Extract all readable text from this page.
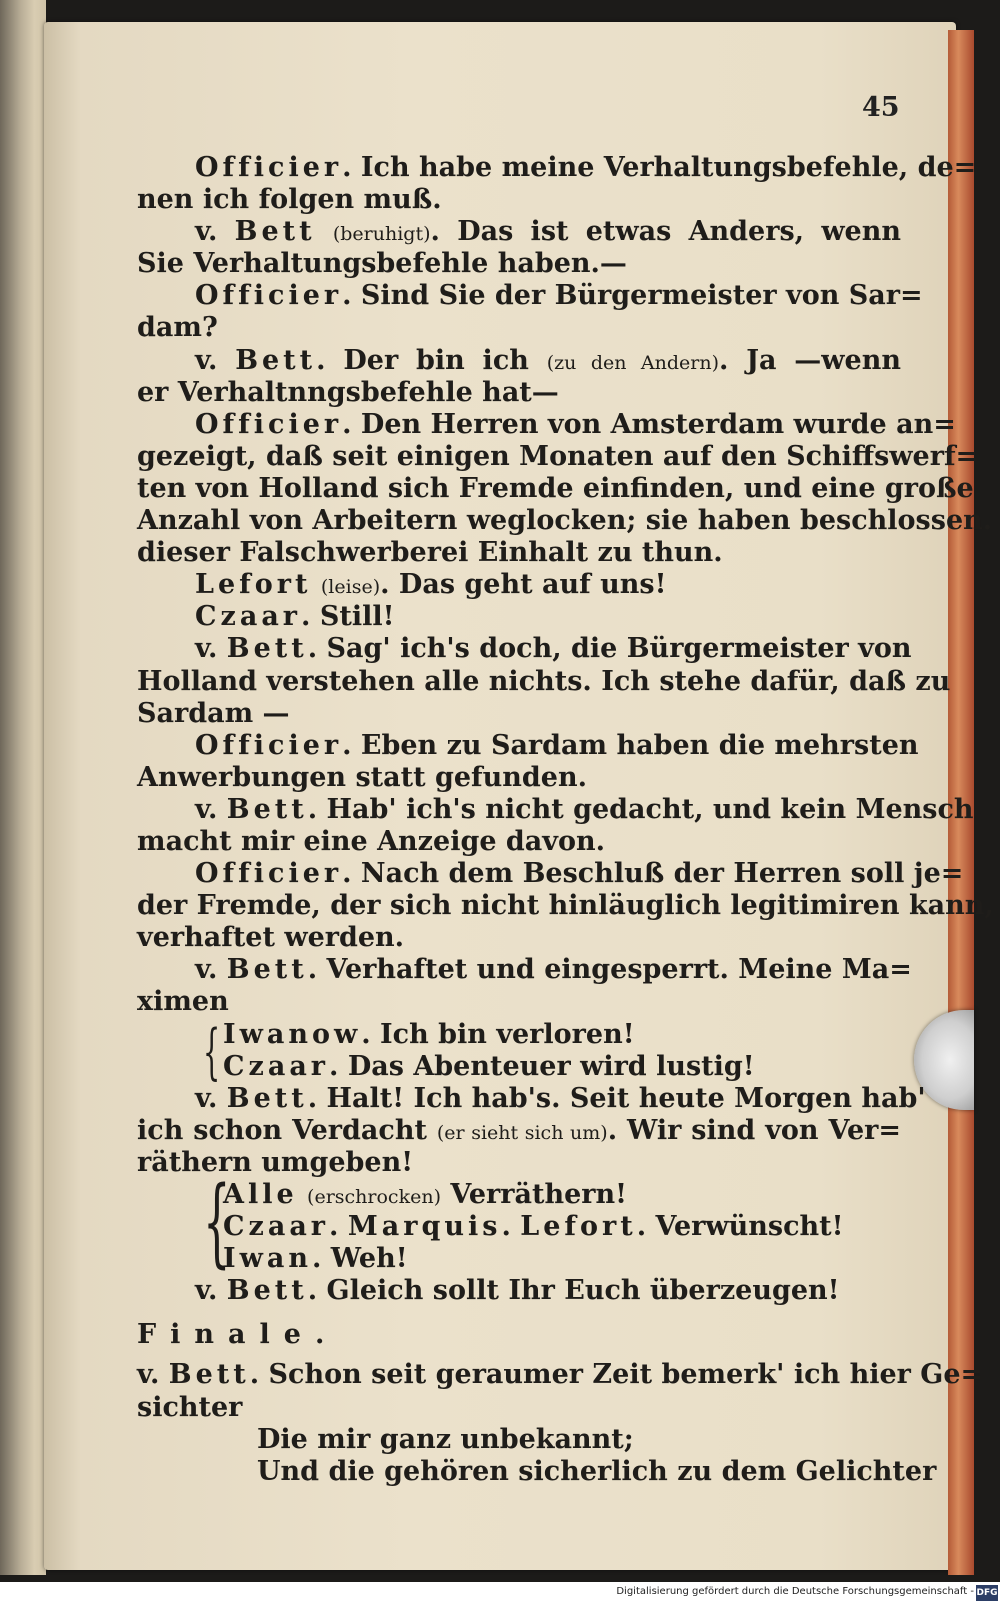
45
Officier. Ich habe meine Verhaltungsbefehle, de=
nen ich folgen muß.
v. Bett (beruhigt). Das ist etwas Anders, wenn
Sie Verhaltungsbefehle haben.—
Officier. Sind Sie der Bürgermeister von Sar=
dam?
v. Bett. Der bin ich (zu den Andern). Ja —wenn
er Verhaltnngsbefehle hat—
Officier. Den Herren von Amsterdam wurde an=
gezeigt, daß seit einigen Monaten auf den Schiffswerf=
ten von Holland sich Fremde einfinden, und eine große
Anzahl von Arbeitern weglocken; sie haben beschlossen.
dieser Falschwerberei Einhalt zu thun.
Lefort (leise). Das geht auf uns!
Czaar. Still!
v. Bett. Sag' ich's doch, die Bürgermeister von
Holland verstehen alle nichts. Ich stehe dafür, daß zu
Sardam —
Officier. Eben zu Sardam haben die mehrsten
Anwerbungen statt gefunden.
v. Bett. Hab' ich's nicht gedacht, und kein Mensch
macht mir eine Anzeige davon.
Officier. Nach dem Beschluß der Herren soll je=
der Fremde, der sich nicht hinläuglich legitimiren kann,
verhaftet werden.
v. Bett. Verhaftet und eingesperrt. Meine Ma=
ximen
{ Iwanow. Ich bin verloren!
Czaar. Das Abenteuer wird lustig!
v. Bett. Halt! Ich hab's. Seit heute Morgen hab'
ich schon Verdacht (er sieht sich um). Wir sind von Ver=
räthern umgeben!
{
Alle (erschrocken) Verräthern!
Czaar. Marquis. Lefort. Verwünscht!
Iwan. Weh!
v. Bett. Gleich sollt Ihr Euch überzeugen!
Finale.
v. Bett. Schon seit geraumer Zeit bemerk' ich hier Ge=
sichter
Die mir ganz unbekannt;
Und die gehören sicherlich zu dem Gelichter
Digitalisierung gefördert durch die Deutsche Forschungsgemeinschaft - DFG
